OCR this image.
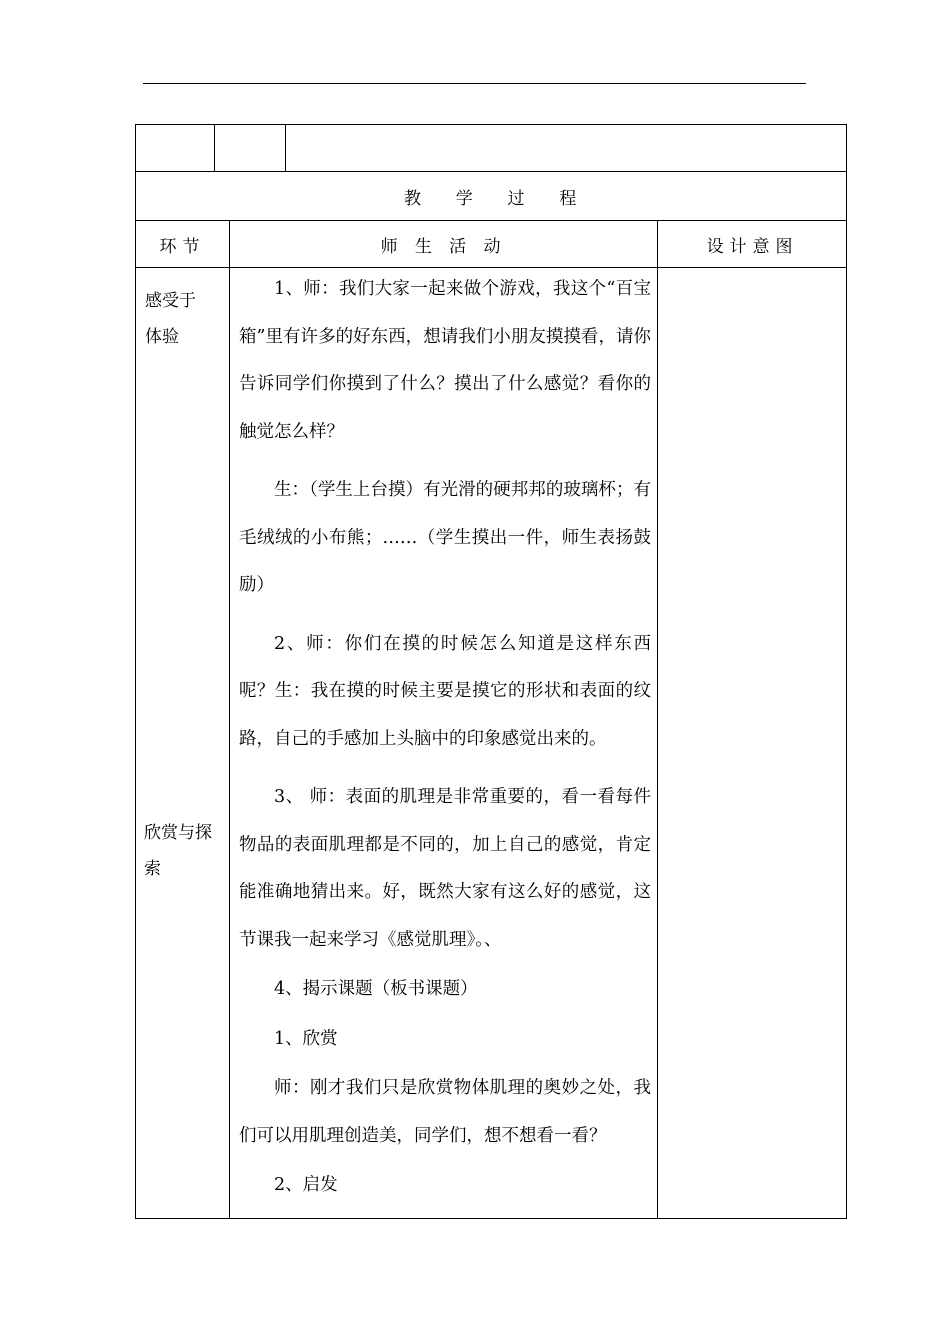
教 学 过 程
环节	师 生 活 动	设计意图
感受于体验
欣赏与探索

1、师：我们大家一起来做个游戏，我这个“百宝箱”里有许多的好东西，想请我们小朋友摸摸看，请你告诉同学们你摸到了什么？摸出了什么感觉？看你的触觉怎么样？

生：（学生上台摸）有光滑的硬邦邦的玻璃杯；有毛绒绒的小布熊；……（学生摸出一件，师生表扬鼓励）

2、师：你们在摸的时候怎么知道是这样东西呢？生：我在摸的时候主要是摸它的形状和表面的纹路，自己的手感加上头脑中的印象感觉出来的。

3、 师：表面的肌理是非常重要的，看一看每件物品的表面肌理都是不同的，加上自己的感觉，肯定能准确地猜出来。好，既然大家有这么好的感觉，这节课我一起来学习《感觉肌理》。、

4、揭示课题（板书课题）

1、欣赏

师：刚才我们只是欣赏物体肌理的奥妙之处，我们可以用肌理创造美，同学们，想不想看一看？

2、启发
